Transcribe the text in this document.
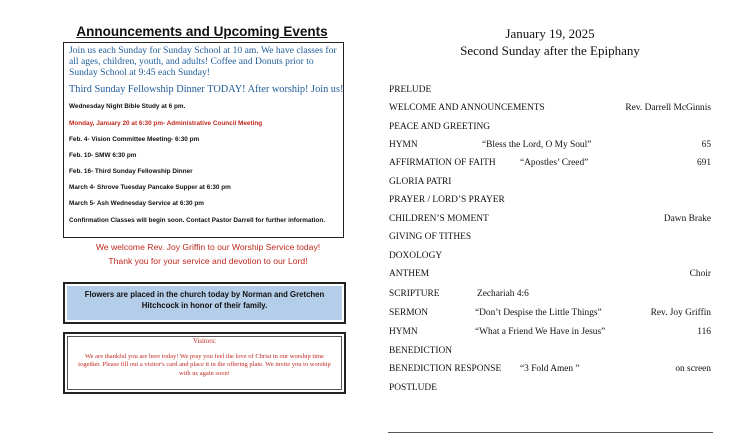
Announcements and Upcoming Events
Join us each Sunday for Sunday School at 10 am. We have classes for all ages, children, youth, and adults! Coffee and Donuts prior to Sunday School at 9:45 each Sunday!
Third Sunday Fellowship Dinner TODAY! After worship! Join us!
Wednesday Night Bible Study at 6 pm.
Monday, January 20 at 6:30 pm- Administrative Council Meeting
Feb. 4- Vision Committee Meeting- 6:30 pm
Feb. 10- SMW 6:30 pm
Feb. 16- Third Sunday Fellowship Dinner
March 4- Shrove Tuesday Pancake Supper at 6:30 pm
March 5- Ash Wednesday Service at 6:30 pm
Confirmation Classes will begin soon. Contact Pastor Darrell for further information.
We welcome Rev. Joy Griffin to our Worship Service today!
Thank you for your service and devotion to our Lord!
Flowers are placed in the church today by Norman and Gretchen Hitchcock in honor of their family.
Visitors:
We are thankful you are here today! We pray you feel the love of Christ in our worship time together. Please fill out a visitor's card and place it in the offering plate. We invite you to worship with us again soon!
January 19, 2025
Second Sunday after the Epiphany
PRELUDE
WELCOME AND ANNOUNCEMENTS	Rev. Darrell McGinnis
PEACE AND GREETING
HYMN	“Bless the Lord, O My Soul”	65
AFFIRMATION OF FAITH	“Apostles’ Creed”	691
GLORIA PATRI
PRAYER / LORD’S PRAYER
CHILDREN’S MOMENT	Dawn Brake
GIVING OF TITHES
DOXOLOGY
ANTHEM	Choir
SCRIPTURE	Zechariah 4:6
SERMON	“Don’t Despise the Little Things”	Rev. Joy Griffin
HYMN	“What a Friend We Have in Jesus”	116
BENEDICTION
BENEDICTION RESPONSE “3 Fold Amen ”	on screen
POSTLUDE
